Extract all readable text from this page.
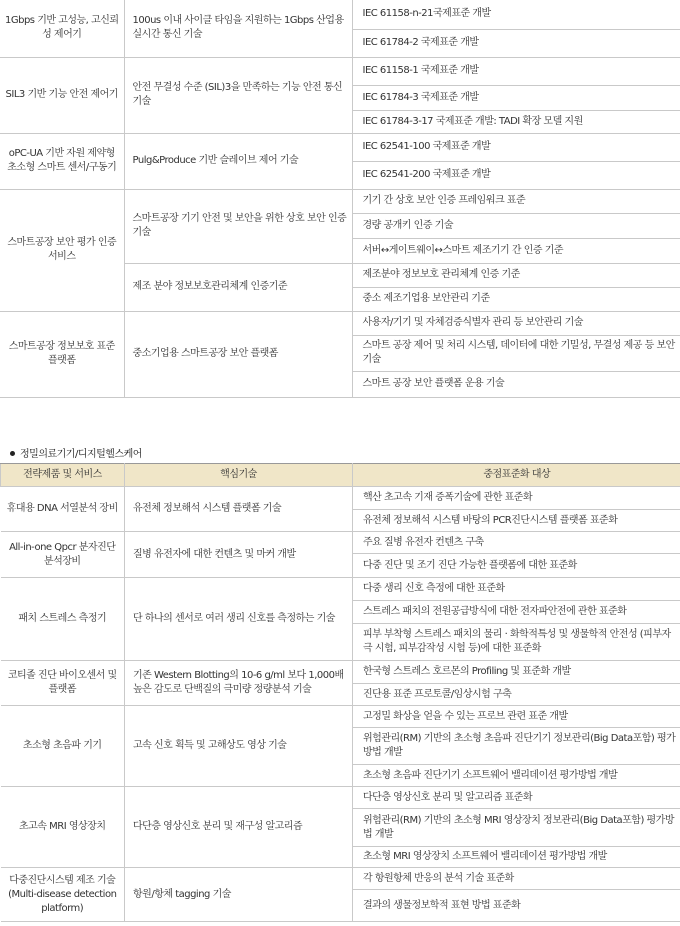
1Gbps 기반 고성능, 고신뢰성 제어기	100us 이내 사이클 타임을 지원하는 1Gbps 산업용 실시간 통신 기술	IEC 61158-n-21국제표준 개발
		IEC 61784-2 국제표준 개발
SIL3 기반 기능 안전 제어기	안전 무결성 수준 (SIL)3을 만족하는 기능 안전 통신 기술	IEC 61158-1 국제표준 개발
		IEC 61784-3 국제표준 개발
		IEC 61784-3-17 국제표준 개발: TADI 확장 모델 지원
oPC-UA 기반 자원 제약형 초소형 스마트 센서/구동기	Pulg&Produce 기반 슬레이브 제어 기술	IEC 62541-100 국제표준 개발
		IEC 62541-200 국제표준 개발
스마트공장 보안 평가 인증 서비스	스마트공장 기기 안전 및 보안을 위한 상호 보안 인증 기술	기기 간 상호 보안 인증 프레임워크 표준
		경량 공개키 인증 기술
		서버↔게이트웨이↔스마트 제조기기 간 인증 기준
	제조 분야 정보보호관리체계 인증기준	제조분야 정보보호 관리체계 인증 기준
		중소 제조기업용 보안관리 기준
스마트공장 정보보호 표준 플랫폼	중소기업용 스마트공장 보안 플랫폼	사용자/기기 및 자체검증식별자 관리 등 보안관리 기술
		스마트 공장 제어 및 처리 시스템, 데이터에 대한 기밀성, 무결성 제공 등 보안 기술
		스마트 공장 보안 플랫폼 운용 기술
정밀의료기기/디지털헬스케어
전략제품 및 서비스	핵심기술	중점표준화 대상
휴대용 DNA 서열분석 장비	유전체 정보해석 시스템 플랫폼 기술	핵산 초고속 기재 증폭기술에 관한 표준화
		유전체 정보해석 시스템 바탕의 PCR진단시스템 플랫폼 표준화
All-in-one Qpcr 분자진단 분석장비	질병 유전자에 대한 컨텐츠 및 마커 개발	주요 질병 유전자 컨텐츠 구축
		다중 진단 및 조기 진단 가능한 플랫폼에 대한 표준화
패치 스트레스 측정기	단 하나의 센서로 여러 생리 신호를 측정하는 기술	다중 생리 신호 측정에 대한 표준화
		스트레스 패치의 전원공급방식에 대한 전자파안전에 관한 표준화
		피부 부착형 스트레스 패치의 물리 · 화학적특성 및 생물학적 안전성 (피부자극 시험, 피부감작성 시험 등)에 대한 표준화
코티졸 진단 바이오센서 및 플랫폼	기존 Western Blotting의 10-6 g/ml 보다 1,000배 높은 감도로 단백질의 극미량 정량분석 기술	한국형 스트레스 호르몬의 Profiling 및 표준화 개발
		진단용 표준 프로토콜/임상시험 구축
초소형 초음파 기기	고속 신호 획득 및 고해상도 영상 기술	고정밀 화상을 얻을 수 있는 프로브 관련 표준 개발
		위험관리(RM) 기반의 초소형 초음파 진단기기 정보관리(Big Data포함) 평가방법 개발
		초소형 초음파 진단기기 소프트웨어 밸리데이션 평가방법 개발
초고속 MRI 영상장치	다단층 영상신호 분리 및 재구성 알고리즘	다단층 영상신호 분리 및 알고리즘 표준화
		위험관리(RM) 기반의 초소형 MRI 영상장치 정보관리(Big Data포함) 평가방법 개발
		초소형 MRI 영상장치 소프트웨어 밸리데이션 평가방법 개발
다중진단시스템 제조 기술 (Multi-disease detection platform)	항원/항체 tagging 기술	각 항원항체 반응의 분석 기술 표준화
		결과의 생물정보학적 표현 방법 표준화
